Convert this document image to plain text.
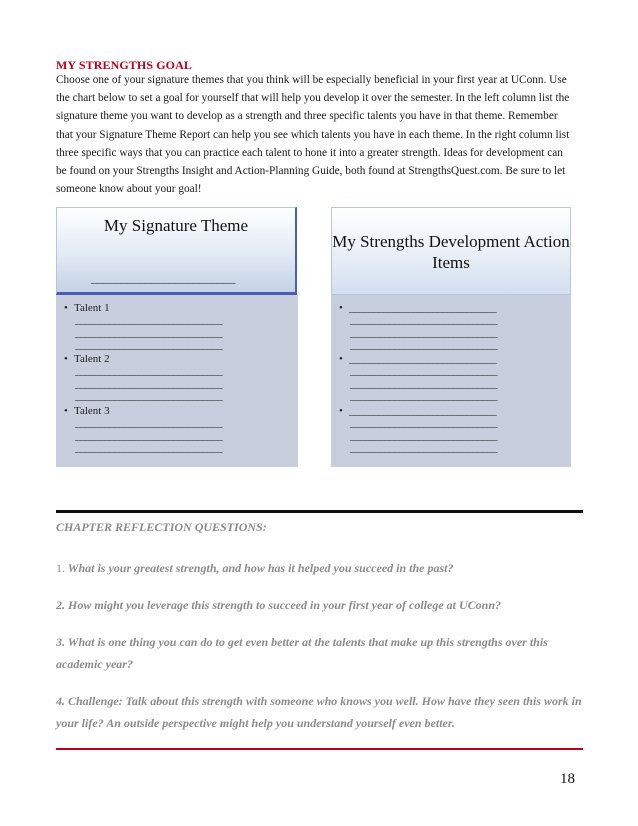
MY STRENGTHS GOAL

Choose one of your signature themes that you think will be especially beneficial in your first year at UConn. Use the chart below to set a goal for yourself that will help you develop it over the semester. In the left column list the signature theme you want to develop as a strength and three specific talents you have in that theme. Remember that your Signature Theme Report can help you see which talents you have in each theme. In the right column list three specific ways that you can practice each talent to hone it into a greater strength. Ideas for development can be found on your Strengths Insight and Action-Planning Guide, both found at StrengthsQuest.com. Be sure to let someone know about your goal!

My Signature Theme
________________________
• Talent 1
______________________________
______________________________
______________________________
• Talent 2
______________________________
______________________________
______________________________
• Talent 3
______________________________
______________________________
______________________________
My Strengths Development Action Items
• ______________________________
______________________________
______________________________
______________________________
• ______________________________
______________________________
______________________________
______________________________
• ______________________________
______________________________
______________________________
______________________________
CHAPTER REFLECTION QUESTIONS:

1. What is your greatest strength, and how has it helped you succeed in the past?

2. How might you leverage this strength to succeed in your first year of college at UConn?

3. What is one thing you can do to get even better at the talents that make up this strengths over this academic year?

4. Challenge: Talk about this strength with someone who knows you well. How have they seen this work in your life? An outside perspective might help you understand yourself even better.

18
